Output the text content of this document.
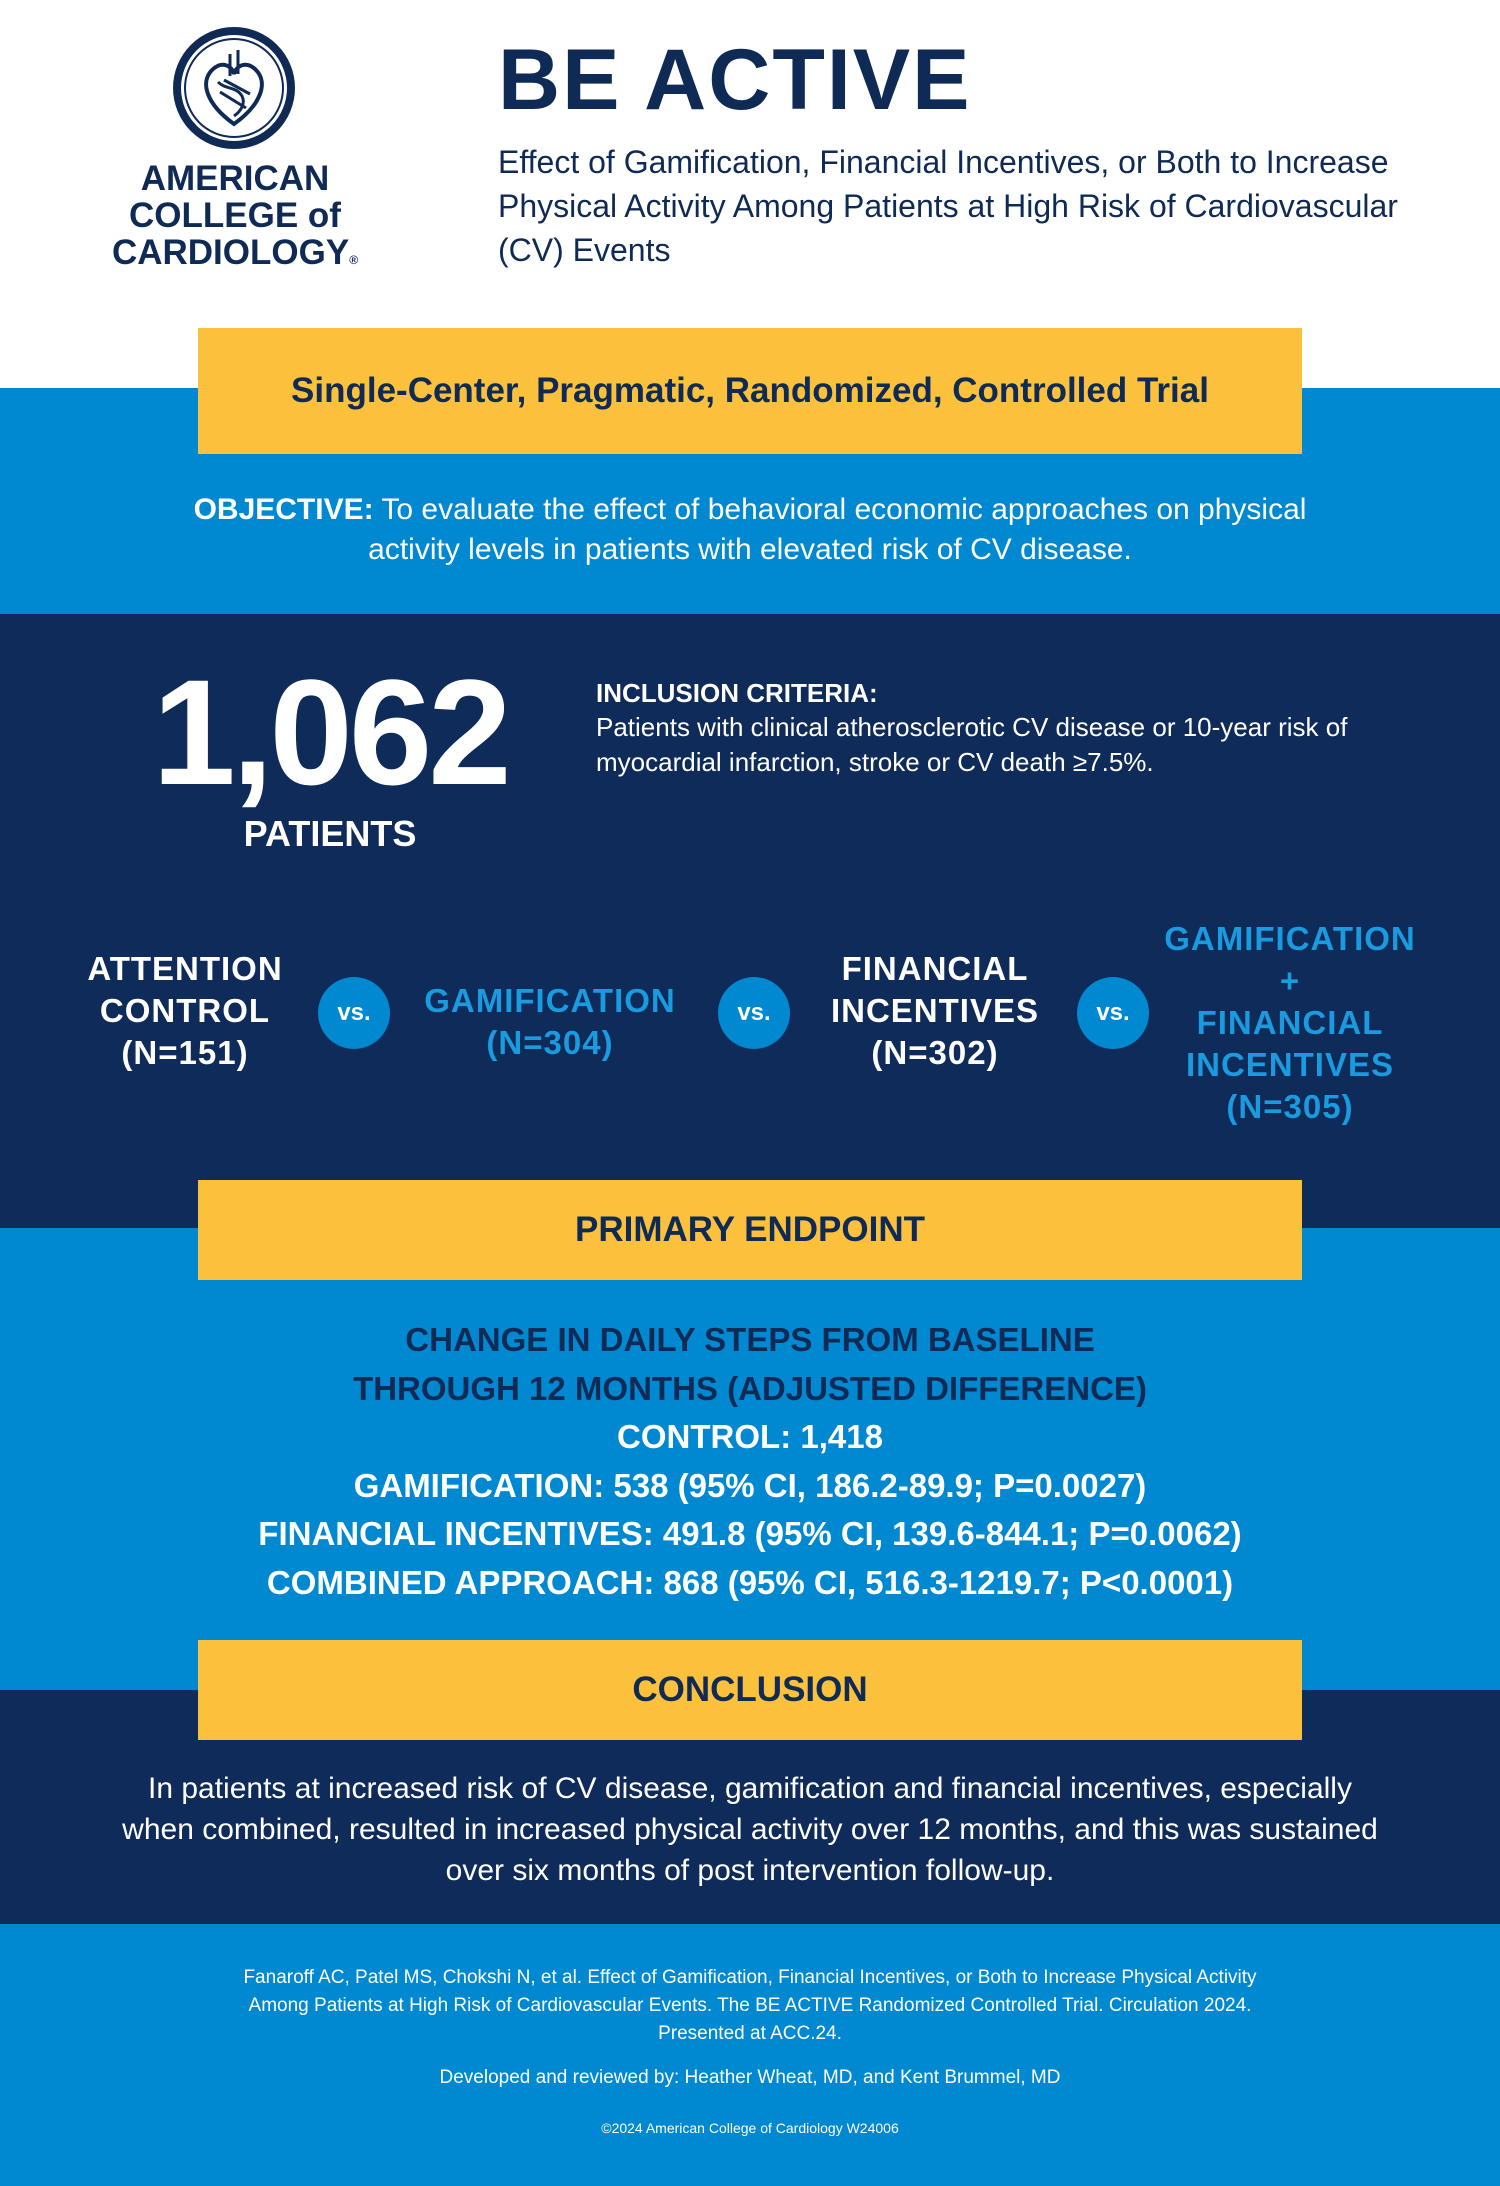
AMERICAN
COLLEGE of
CARDIOLOGY®
BE ACTIVE
Effect of Gamification, Financial Incentives, or Both to Increase Physical Activity Among Patients at High Risk of Cardiovascular (CV) Events
Single-Center, Pragmatic, Randomized, Controlled Trial
OBJECTIVE: To evaluate the effect of behavioral economic approaches on physical activity levels in patients with elevated risk of CV disease.
1,062
PATIENTS
INCLUSION CRITERIA:
Patients with clinical atherosclerotic CV disease or 10-year risk of myocardial infarction, stroke or CV death ≥7.5%.
ATTENTION
CONTROL
(N=151)
vs.	GAMIFICATION
(N=304)
vs.
FINANCIAL
INCENTIVES
(N=302)
vs.
GAMIFICATION
+
FINANCIAL
INCENTIVES
(N=305)
PRIMARY ENDPOINT
CHANGE IN DAILY STEPS FROM BASELINE
THROUGH 12 MONTHS (ADJUSTED DIFFERENCE)
CONTROL: 1,418
GAMIFICATION: 538 (95% CI, 186.2-89.9; P=0.0027)
FINANCIAL INCENTIVES: 491.8 (95% CI, 139.6-844.1; P=0.0062)
COMBINED APPROACH: 868 (95% CI, 516.3-1219.7; P<0.0001)
CONCLUSION
In patients at increased risk of CV disease, gamification and financial incentives, especially when combined, resulted in increased physical activity over 12 months, and this was sustained over six months of post intervention follow-up.
Fanaroff AC, Patel MS, Chokshi N, et al. Effect of Gamification, Financial Incentives, or Both to Increase Physical Activity Among Patients at High Risk of Cardiovascular Events. The BE ACTIVE Randomized Controlled Trial. Circulation 2024. Presented at ACC.24.
Developed and reviewed by: Heather Wheat, MD, and Kent Brummel, MD
©2024 American College of Cardiology W24006
